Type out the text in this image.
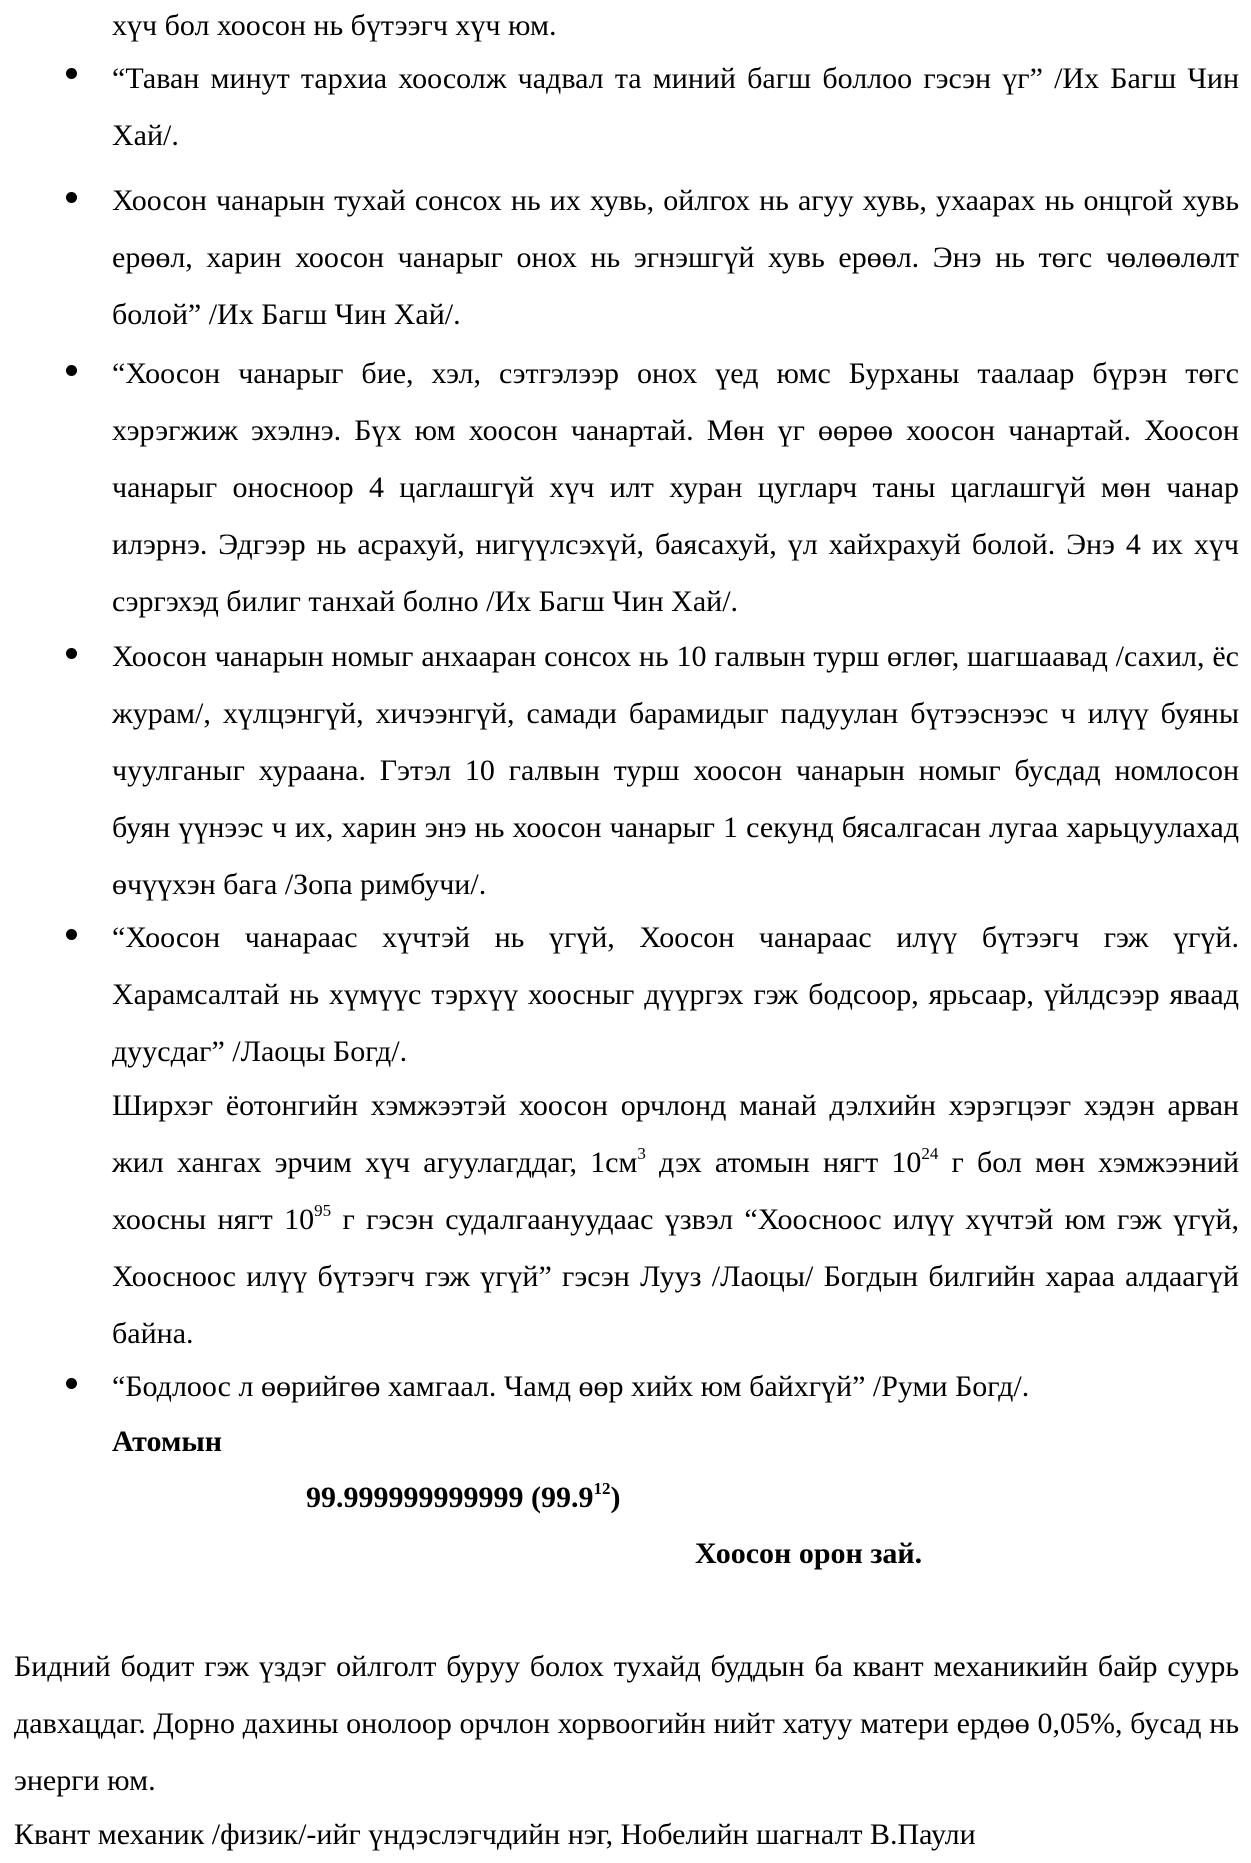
хүч бол хоосон нь бүтээгч хүч юм.
“Таван минут тархиа хоосолж чадвал та миний багш боллоо гэсэн үг” /Их Багш Чин Хай/.
Хоосон чанарын тухай сонсох нь их хувь, ойлгох нь агуу хувь, ухаарах нь онцгой хувь ерөөл, харин хоосон чанарыг онох нь эгнэшгүй хувь ерөөл. Энэ нь төгс чөлөөлөлт болой” /Их Багш Чин Хай/.
“Хоосон чанарыг бие, хэл, сэтгэлээр онох үед юмс Бурханы таалаар бүрэн төгс хэрэгжиж эхэлнэ. Бүх юм хоосон чанартай. Мөн үг өөрөө хоосон чанартай. Хоосон чанарыг оносноор 4 цаглашгүй хүч илт хуран цугларч таны цаглашгүй мөн чанар илэрнэ. Эдгээр нь асрахуй, нигүүлсэхүй, баясахуй, үл хайхрахуй болой. Энэ 4 их хүч сэргэхэд билиг танхай болно /Их Багш Чин Хай/.
Хоосон чанарын номыг анхааран сонсох нь 10 галвын турш өглөг, шагшаавад /сахил, ёс журам/, хүлцэнгүй, хичээнгүй, самади барамидыг падуулан бүтээснээс ч илүү буяны чуулганыг хураана. Гэтэл 10 галвын турш хоосон чанарын номыг бусдад номлосон буян үүнээс ч их, харин энэ нь хоосон чанарыг 1 секунд бясалгасан лугаа харьцуулахад өчүүхэн бага /Зопа римбучи/.
“Хоосон чанараас хүчтэй нь үгүй, Хоосон чанараас илүү бүтээгч гэж үгүй. Харамсалтай нь хүмүүс тэрхүү хоосныг дүүргэх гэж бодсоор, ярьсаар, үйлдсээр яваад дуусдаг” /Лаоцы Богд/.
Ширхэг ёотонгийн хэмжээтэй хоосон орчлонд манай дэлхийн хэрэгцээг хэдэн арван жил хангах эрчим хүч агуулагддаг, $1см^3$ дэх атомын нягт $10^{24}$ г бол мөн хэмжээний хоосны нягт $10^{95}$ г гэсэн судалгаануудаас үзвэл “Хоосноос илүү хүчтэй юм гэж үгүй, Хоосноос илүү бүтээгч гэж үгүй” гэсэн Лууз /Лаоцы/ Богдын билгийн хараа алдаагүй байна.
“Бодлоос л өөрийгөө хамгаал. Чамд өөр хийх юм байхгүй” /Руми Богд/.
Атомын
99.999999999999 (99.9$^{12}$)
Хоосон орон зай.
Бидний бодит гэж үздэг ойлголт буруу болох тухайд буддын ба квант механикийн байр суурь давхацдаг. Дорно дахины онолоор орчлон хорвоогийн нийт хатуу матери ердөө 0,05%, бусад нь энерги юм.
Квант механик /физик/-ийг үндэслэгчдийн нэг, Нобелийн шагналт В.Паули
